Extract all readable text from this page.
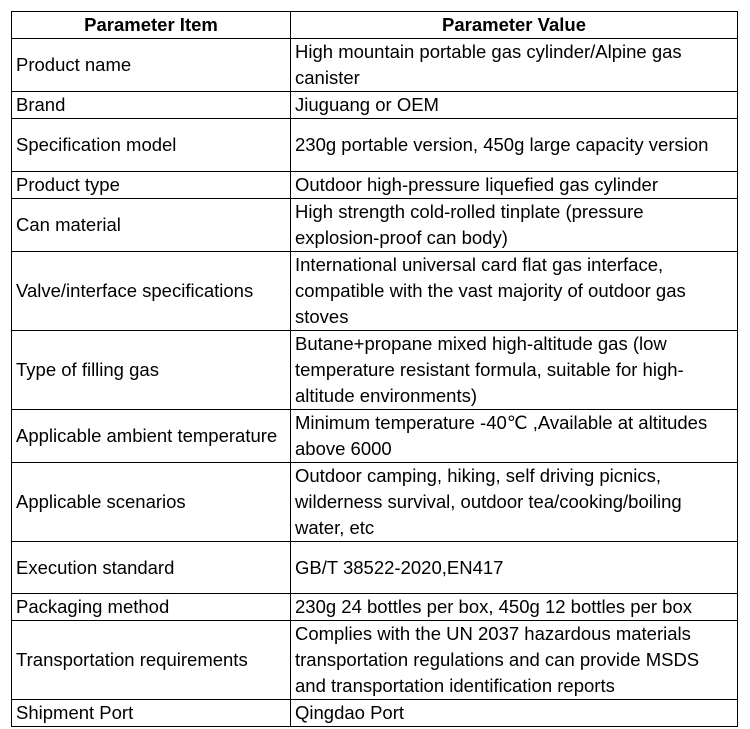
Parameter Item	Parameter Value
Product name	High mountain portable gas cylinder/Alpine gas canister
Brand	Jiuguang or OEM
Specification model	230g portable version, 450g large capacity version
Product type	Outdoor high-pressure liquefied gas cylinder
Can material	High strength cold-rolled tinplate (pressure explosion-proof can body)
Valve/interface specifications	International universal card flat gas interface, compatible with the vast majority of outdoor gas stoves
Type of filling gas	Butane+propane mixed high-altitude gas (low temperature resistant formula, suitable for high-altitude environments)
Applicable ambient temperature	Minimum temperature -40℃ ,Available at altitudes above 6000
Applicable scenarios	Outdoor camping, hiking, self driving picnics, wilderness survival, outdoor tea/cooking/boiling water, etc
Execution standard	GB/T 38522-2020,EN417
Packaging method	230g 24 bottles per box, 450g 12 bottles per box
Transportation requirements	Complies with the UN 2037 hazardous materials transportation regulations and can provide MSDS and transportation identification reports
Shipment Port	Qingdao Port
